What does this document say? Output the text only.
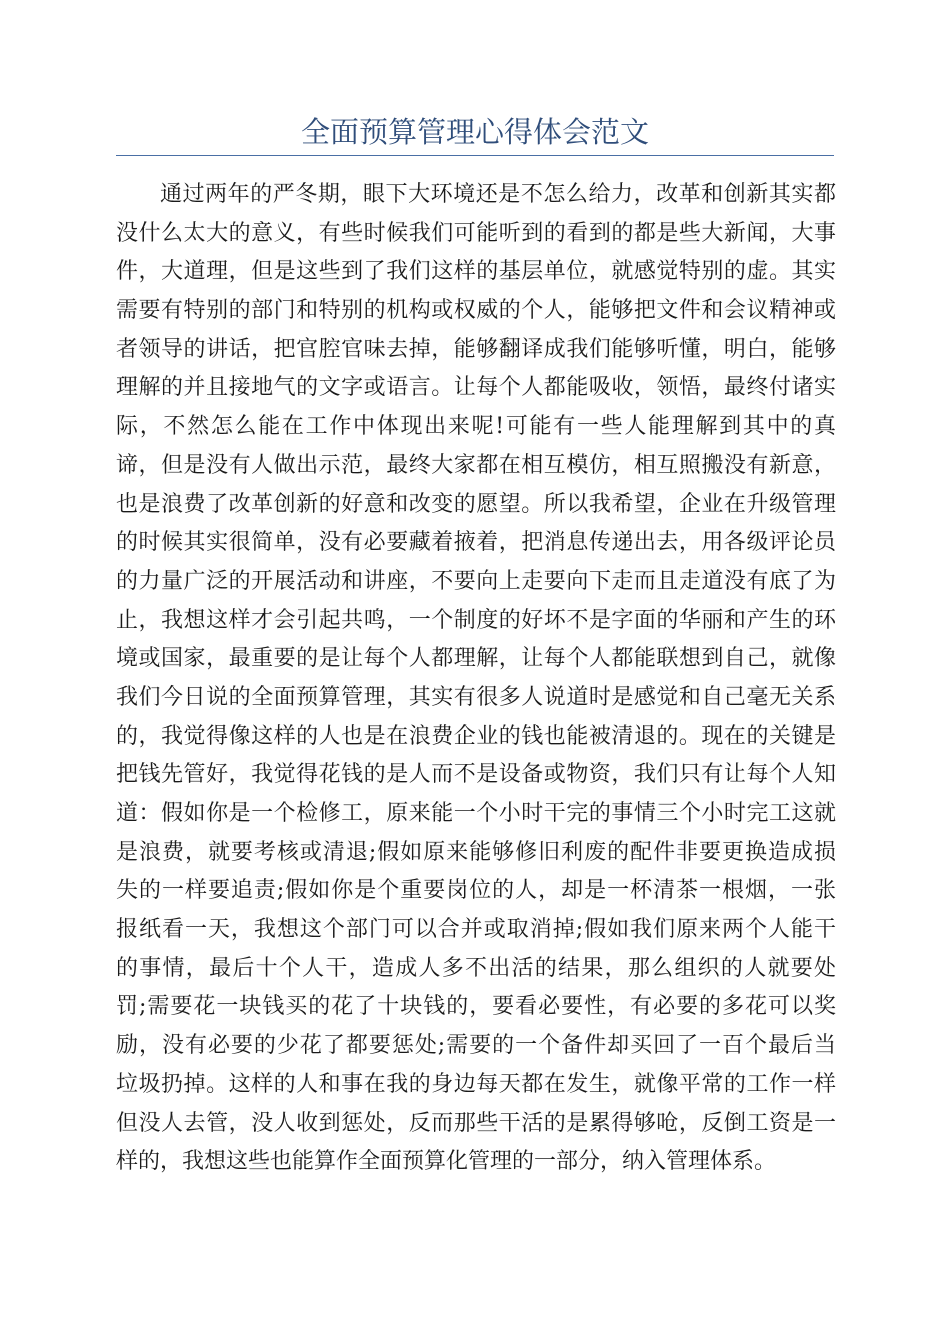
全面预算管理心得体会范文
通过两年的严冬期，眼下大环境还是不怎么给力，改革和创新其实都
没什么太大的意义，有些时候我们可能听到的看到的都是些大新闻，大事
件，大道理，但是这些到了我们这样的基层单位，就感觉特别的虚。其实
需要有特别的部门和特别的机构或权威的个人，能够把文件和会议精神或
者领导的讲话，把官腔官味去掉，能够翻译成我们能够听懂，明白，能够
理解的并且接地气的文字或语言。让每个人都能吸收，领悟，最终付诸实
际，不然怎么能在工作中体现出来呢!可能有一些人能理解到其中的真
谛，但是没有人做出示范，最终大家都在相互模仿，相互照搬没有新意，
也是浪费了改革创新的好意和改变的愿望。所以我希望，企业在升级管理
的时候其实很简单，没有必要藏着掖着，把消息传递出去，用各级评论员
的力量广泛的开展活动和讲座，不要向上走要向下走而且走道没有底了为
止，我想这样才会引起共鸣，一个制度的好坏不是字面的华丽和产生的环
境或国家，最重要的是让每个人都理解，让每个人都能联想到自己，就像
我们今日说的全面预算管理，其实有很多人说道时是感觉和自己毫无关系
的，我觉得像这样的人也是在浪费企业的钱也能被清退的。现在的关键是
把钱先管好，我觉得花钱的是人而不是设备或物资，我们只有让每个人知
道：假如你是一个检修工，原来能一个小时干完的事情三个小时完工这就
是浪费，就要考核或清退;假如原来能够修旧利废的配件非要更换造成损
失的一样要追责;假如你是个重要岗位的人，却是一杯清茶一根烟，一张
报纸看一天，我想这个部门可以合并或取消掉;假如我们原来两个人能干
的事情，最后十个人干，造成人多不出活的结果，那么组织的人就要处
罚;需要花一块钱买的花了十块钱的，要看必要性，有必要的多花可以奖
励，没有必要的少花了都要惩处;需要的一个备件却买回了一百个最后当
垃圾扔掉。这样的人和事在我的身边每天都在发生，就像平常的工作一样
但没人去管，没人收到惩处，反而那些干活的是累得够呛，反倒工资是一
样的，我想这些也能算作全面预算化管理的一部分，纳入管理体系。
